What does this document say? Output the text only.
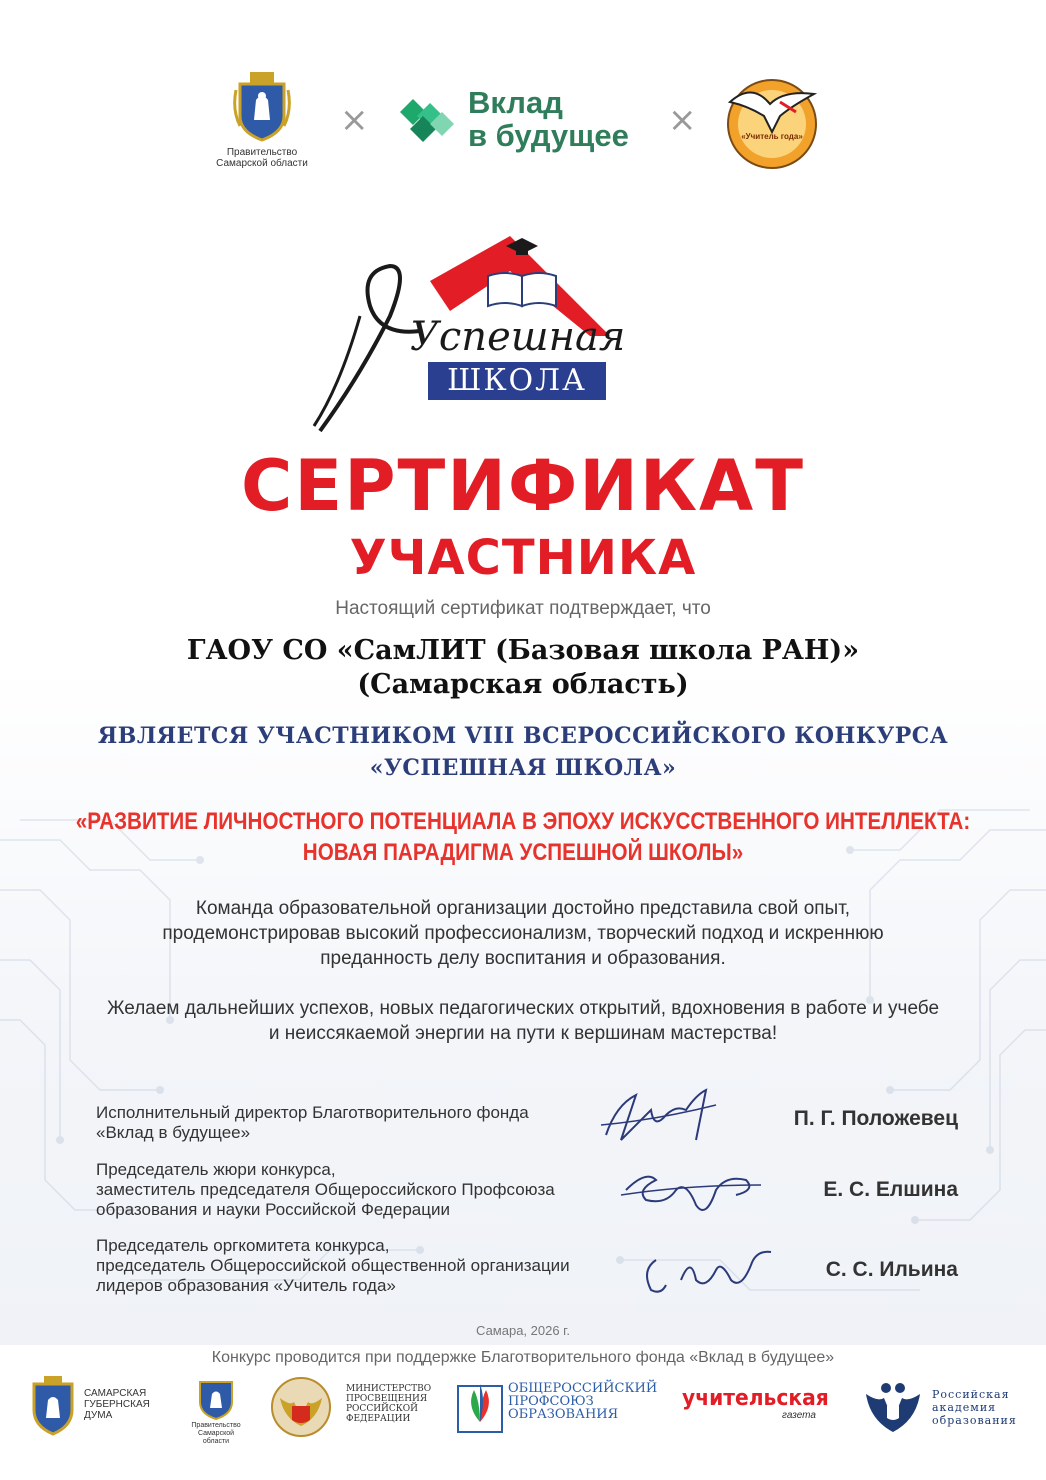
Правительство
Самарской области
×	Вклад
в будущее ×	«Учитель года»
Успешная
ШКОЛА
СЕРТИФИКАТ
УЧАСТНИКА
Настоящий сертификат подтверждает, что
ГАОУ СО «СамЛИТ (Базовая школа РАН)»
(Самарская область)
ЯВЛЯЕТСЯ УЧАСТНИКОМ VIII ВСЕРОССИЙСКОГО КОНКУРСА
«УСПЕШНАЯ ШКОЛА»
«РАЗВИТИЕ ЛИЧНОСТНОГО ПОТЕНЦИАЛА В ЭПОХУ ИСКУССТВЕННОГО ИНТЕЛЛЕКТА:
НОВАЯ ПАРАДИГМА УСПЕШНОЙ ШКОЛЫ»
Команда образовательной организации достойно представила свой опыт,
продемонстрировав высокий профессионализм, творческий подход и искреннюю
преданность делу воспитания и образования.
Желаем дальнейших успехов, новых педагогических открытий, вдохновения в работе и учебе
и неиссякаемой энергии на пути к вершинам мастерства!
Исполнительный директор Благотворительного фонда
«Вклад в будущее»
П. Г. Положевец
Председатель жюри конкурса,
заместитель председателя Общероссийского Профсоюза
образования и науки Российской Федерации
Е. С. Елшина
Председатель оргкомитета конкурса,
председатель Общероссийской общественной организации
лидеров образования «Учитель года»
С. С. Ильина
Самара, 2026 г.
Конкурс проводится при поддержке Благотворительного фонда «Вклад в будущее»
САМАРСКАЯ
ГУБЕРНСКАЯ
ДУМА
Правительство
Самарской области
МИНИСТЕРСТВО
ПРОСВЕЩЕНИЯ
РОССИЙСКОЙ
ФЕДЕРАЦИИ
ОБЩЕРОССИЙСКИЙ
ПРОФСОЮЗ
ОБРАЗОВАНИЯ
учительская
газета
Российская
академия
образования
